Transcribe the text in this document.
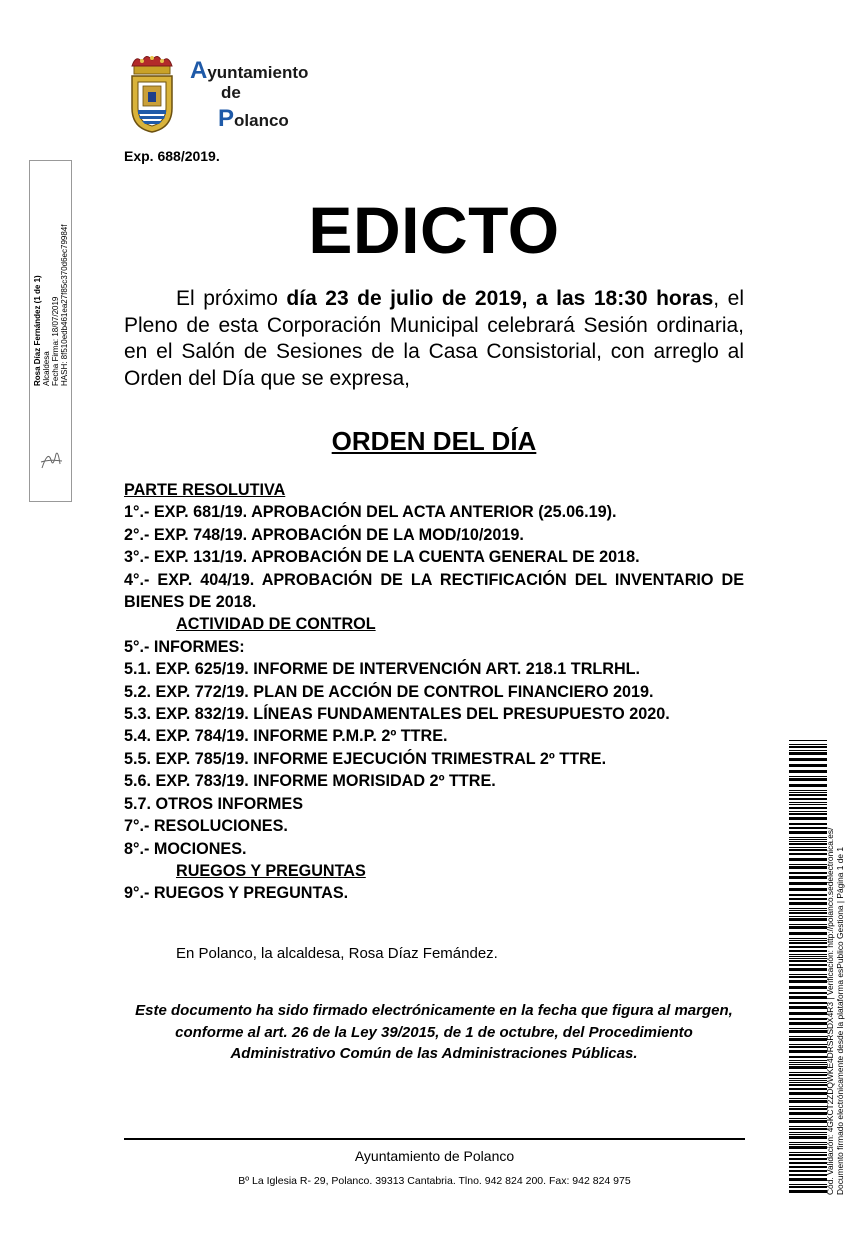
Ayuntamiento
de
Polanco
Exp. 688/2019.
Rosa Díaz Fernández (1 de 1) Alcaldesa Fecha Firma: 18/07/2019 HASH: 8f510edb461ea27f85c370d6ec79984f	EDICTO
El próximo día 23 de julio de 2019, a las 18:30 horas, el Pleno de esta Corporación Municipal celebrará Sesión ordinaria, en el Salón de Sesiones de la Casa Consistorial, con arreglo al Orden del Día que se expresa,
ORDEN DEL DÍA
PARTE RESOLUTIVA
1°.- EXP. 681/19. APROBACIÓN DEL ACTA ANTERIOR (25.06.19).
2°.- EXP. 748/19. APROBACIÓN DE LA MOD/10/2019.
3°.- EXP. 131/19. APROBACIÓN DE LA CUENTA GENERAL DE 2018.
4°.- EXP. 404/19. APROBACIÓN DE LA RECTIFICACIÓN DEL INVENTARIO DE BIENES DE 2018.
ACTIVIDAD DE CONTROL
5°.- INFORMES:
5.1. EXP. 625/19. INFORME DE INTERVENCIÓN ART. 218.1 TRLRHL.
5.2. EXP. 772/19. PLAN DE ACCIÓN DE CONTROL FINANCIERO 2019.
5.3. EXP. 832/19. LÍNEAS FUNDAMENTALES DEL PRESUPUESTO 2020.
5.4. EXP. 784/19. INFORME P.M.P. 2º TTRE.
5.5. EXP. 785/19. INFORME EJECUCIÓN TRIMESTRAL 2º TTRE.
5.6. EXP. 783/19. INFORME MORISIDAD 2º TTRE.
5.7. OTROS INFORMES
7°.- RESOLUCIONES.
8°.- MOCIONES.
RUEGOS Y PREGUNTAS
9°.- RUEGOS Y PREGUNTAS.
En Polanco, la alcaldesa, Rosa Díaz Femández.
Este documento ha sido firmado electrónicamente en la fecha que figura al margen, conforme al art. 26 de la Ley 39/2015, de 1 de octubre, del Procedimiento Administrativo Común de las Administraciones Públicas.
Ayuntamiento de Polanco
Bº La Iglesia R- 29, Polanco. 39313 Cantabria. Tlno. 942 824 200. Fax: 942 824 975	Cód. Validación: 4GKCT2ZDQWKE4DRSRSDX4R3 | Verificación: http://polanco.sedelectronica.es/ Documento firmado electrónicamente desde la plataforma esPublico Gestiona | Página 1 de 1
